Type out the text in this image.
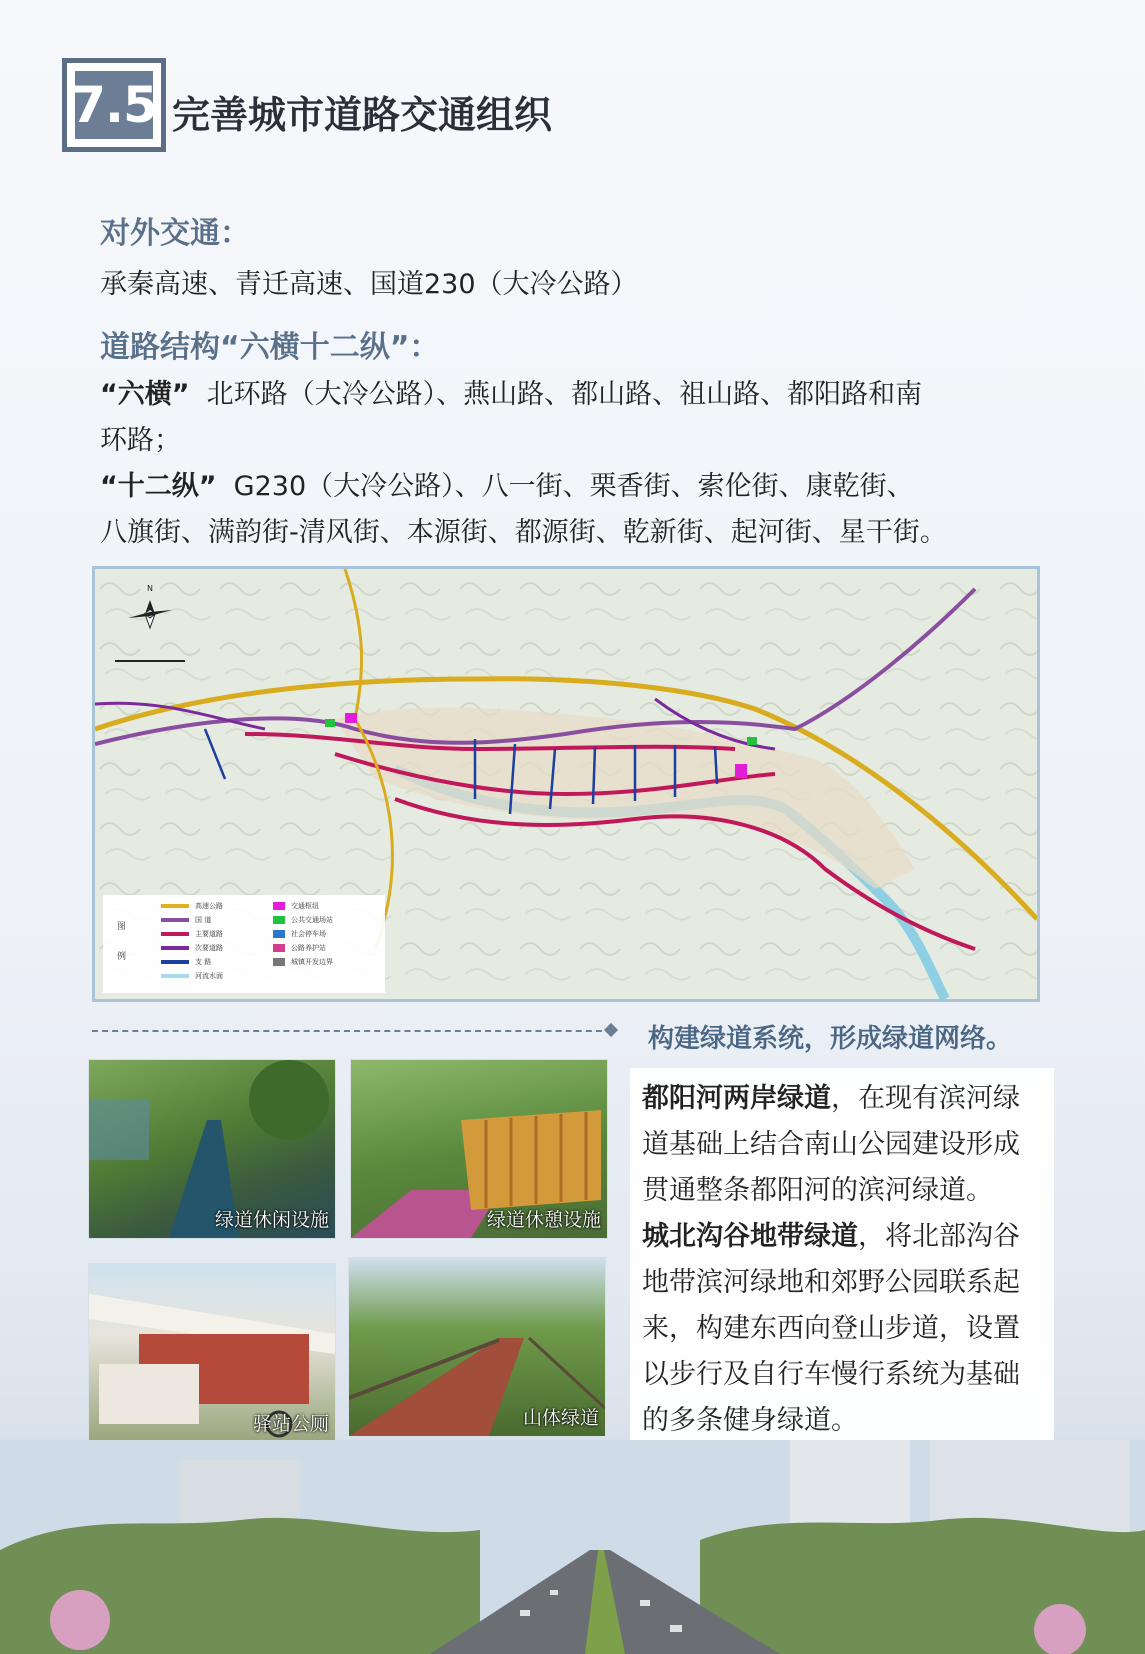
7.5 完善城市道路交通组织
对外交通：
承秦高速、青迁高速、国道230（大冷公路）
道路结构“六横十二纵”：
“六横” 北环路（大冷公路）、燕山路、都山路、祖山路、都阳路和南
环路；
“十二纵” G230（大冷公路）、八一街、栗香街、索伦街、康乾街、
八旗街、满韵街-清风街、本源街、都源街、乾新街、起河街、星干街。
N
图
例
高速公路
国 道
主要道路
次要道路
支 路
河流水面
交通枢纽
公共交通场站
社会停车场
公路养护站
城镇开发边界
构建绿道系统，形成绿道网络。
绿道休闲设施	绿道休憩设施
驿站公厕	山体绿道

都阳河两岸绿道，在现有滨河绿

道基础上结合南山公园建设形成

贯通整条都阳河的滨河绿道。

城北沟谷地带绿道，将北部沟谷

地带滨河绿地和郊野公园联系起

来，构建东西向登山步道，设置

以步行及自行车慢行系统为基础

的多条健身绿道。
